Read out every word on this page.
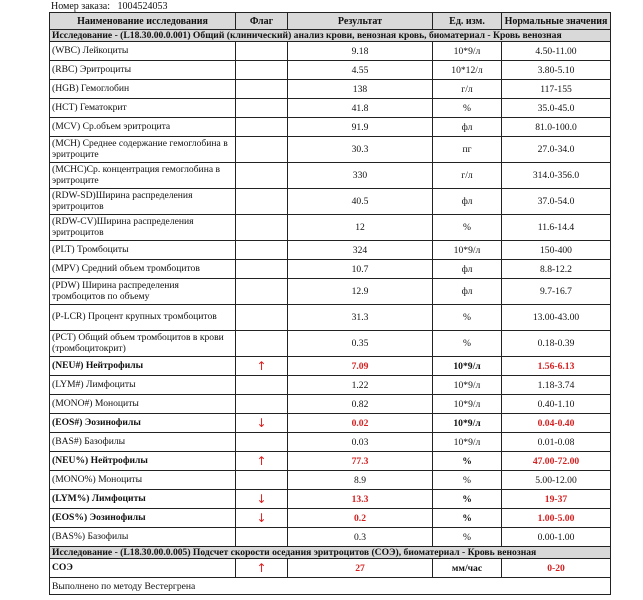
Номер заказа: 1004524053
Наименование исследования	Флаг	Результат	Ед. изм.	Нормальные значения
Исследование - (L18.30.00.0.001) Общий (клинический) анализ крови, венозная кровь, биоматериал - Кровь венозная				
(WBC) Лейкоциты		9.18	10*9/л	4.50-11.00
(RBC) Эритроциты		4.55	10*12/л	3.80-5.10
(HGB) Гемоглобин		138	г/л	117-155
(HCT) Гематокрит		41.8	%	35.0-45.0
(MCV) Ср.объем эритроцита		91.9	фл	81.0-100.0
(MCH) Среднее содержание гемоглобина в эритроците		30.3	пг	27.0-34.0
(MCHC)Ср. концентрация гемоглобина в эритроците		330	г/л	314.0-356.0
(RDW-SD)Ширина распределения эритроцитов		40.5	фл	37.0-54.0
(RDW-CV)Ширина распределения эритроцитов		12	%	11.6-14.4
(PLT) Тромбоциты		324	10*9/л	150-400
(MPV) Средний объем тромбоцитов		10.7	фл	8.8-12.2
(PDW) Ширина распределения тромбоцитов по объему		12.9	фл	9.7-16.7
(P-LCR) Процент крупных тромбоцитов		31.3	%	13.00-43.00
(PCT) Общий объем тромбоцитов в крови (тромбоцитокрит)		0.35	%	0.18-0.39
(NEU#) Нейтрофилы	↑	7.09	10*9/л	1.56-6.13
(LYM#) Лимфоциты		1.22	10*9/л	1.18-3.74
(MONO#) Моноциты		0.82	10*9/л	0.40-1.10
(EOS#) Эозинофилы	↓	0.02	10*9/л	0.04-0.40
(BAS#) Базофилы		0.03	10*9/л	0.01-0.08
(NEU%) Нейтрофилы	↑	77.3	%	47.00-72.00
(MONO%) Моноциты		8.9	%	5.00-12.00
(LYM%) Лимфоциты	↓	13.3	%	19-37
(EOS%) Эозинофилы	↓	0.2	%	1.00-5.00
(BAS%) Базофилы		0.3	%	0.00-1.00
Исследование - (L18.30.00.0.005) Подсчет скорости оседания эритроцитов (СОЭ), биоматериал - Кровь венозная				
СОЭ	↑	27	мм/час	0-20
Выполнено по методу Вестергрена				
